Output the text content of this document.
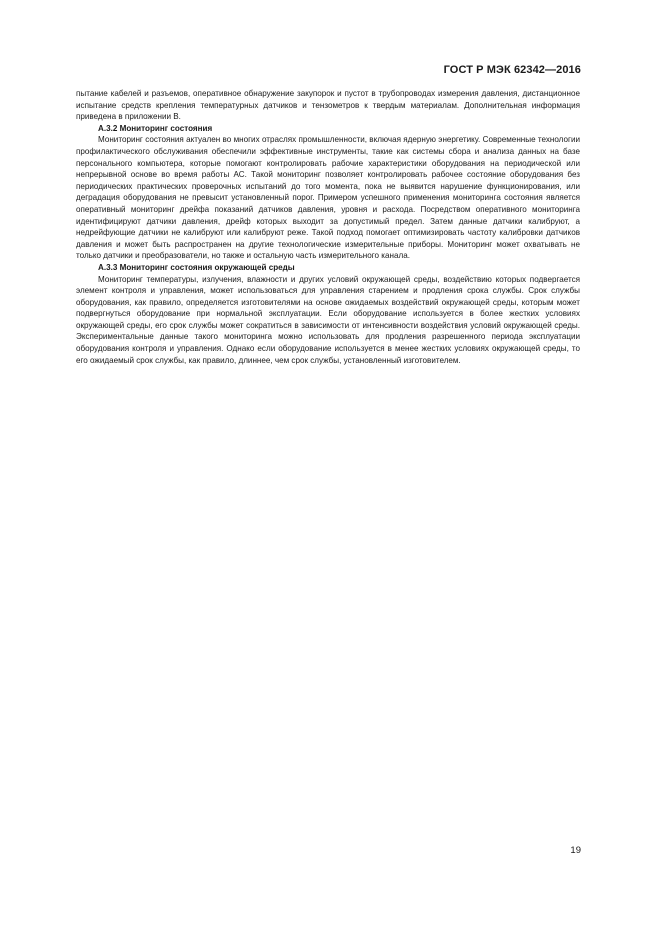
ГОСТ Р МЭК 62342—2016

пытание кабелей и разъемов, оперативное обнаружение закупорок и пустот в трубопроводах измерения давления, дистанционное испытание средств крепления температурных датчиков и тензометров к твердым материалам. Дополнительная информация приведена в приложении В.

А.3.2 Мониторинг состояния

Мониторинг состояния актуален во многих отраслях промышленности, включая ядерную энергетику. Современные технологии профилактического обслуживания обеспечили эффективные инструменты, такие как системы сбора и анализа данных на базе персонального компьютера, которые помогают контролировать рабочие характеристики оборудования на периодической или непрерывной основе во время работы АС. Такой мониторинг позволяет контролировать рабочее состояние оборудования без периодических практических проверочных испытаний до того момента, пока не выявится нарушение функционирования, или деградация оборудования не превысит установленный порог. Примером успешного применения мониторинга состояния является оперативный мониторинг дрейфа показаний датчиков давления, уровня и расхода. Посредством оперативного мониторинга идентифицируют датчики давления, дрейф которых выходит за допустимый предел. Затем данные датчики калибруют, а недрейфующие датчики не калибруют или калибруют реже. Такой подход помогает оптимизировать частоту калибровки датчиков давления и может быть распространен на другие технологические измерительные приборы. Мониторинг может охватывать не только датчики и преобразователи, но также и остальную часть измерительного канала.

А.3.3 Мониторинг состояния окружающей среды

Мониторинг температуры, излучения, влажности и других условий окружающей среды, воздействию которых подвергается элемент контроля и управления, может использоваться для управления старением и продления срока службы. Срок службы оборудования, как правило, определяется изготовителями на основе ожидаемых воздействий окружающей среды, которым может подвергнуться оборудование при нормальной эксплуатации. Если оборудование используется в более жестких условиях окружающей среды, его срок службы может сократиться в зависимости от интенсивности воздействия условий окружающей среды. Экспериментальные данные такого мониторинга можно использовать для продления разрешенного периода эксплуатации оборудования контроля и управления. Однако если оборудование используется в менее жестких условиях окружающей среды, то его ожидаемый срок службы, как правило, длиннее, чем срок службы, установленный изготовителем.

19
